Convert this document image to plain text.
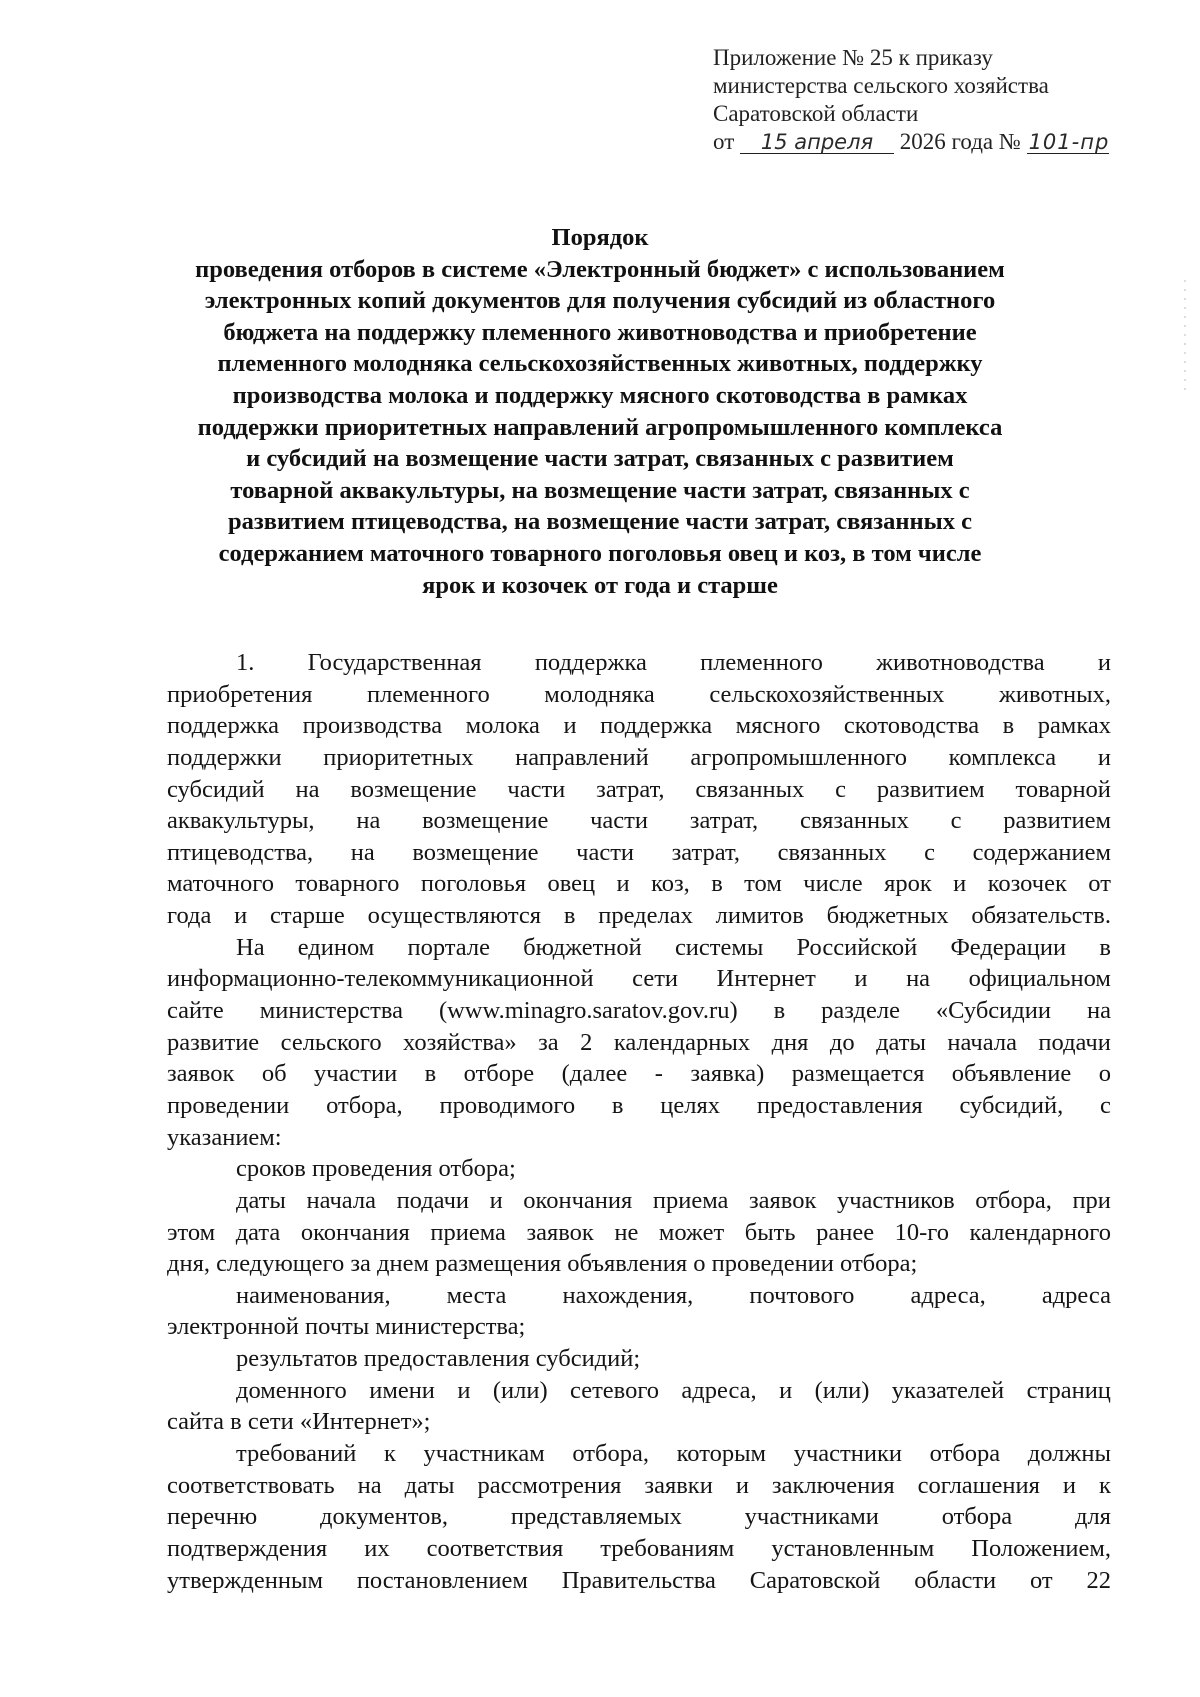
Приложение № 25 к приказу
министерства сельского хозяйства
Саратовской области
от 15 апреля 2026 года № 101-пр
Порядок
проведения отборов в системе «Электронный бюджет» с использованием
электронных копий документов для получения субсидий из областного
бюджета на поддержку племенного животноводства и приобретение
племенного молодняка сельскохозяйственных животных, поддержку
производства молока и поддержку мясного скотоводства в рамках
поддержки приоритетных направлений агропромышленного комплекса
и субсидий на возмещение части затрат, связанных с развитием
товарной аквакультуры, на возмещение части затрат, связанных с
развитием птицеводства, на возмещение части затрат, связанных с
содержанием маточного товарного поголовья овец и коз, в том числе
ярок и козочек от года и старше
1. Государственная поддержка племенного животноводства и
приобретения племенного молодняка сельскохозяйственных животных,
поддержка производства молока и поддержка мясного скотоводства в рамках
поддержки приоритетных направлений агропромышленного комплекса и
субсидий на возмещение части затрат, связанных с развитием товарной
аквакультуры, на возмещение части затрат, связанных с развитием
птицеводства, на возмещение части затрат, связанных с содержанием
маточного товарного поголовья овец и коз, в том числе ярок и козочек от
года и старше осуществляются в пределах лимитов бюджетных обязательств.
На едином портале бюджетной системы Российской Федерации в
информационно-телекоммуникационной сети Интернет и на официальном
сайте министерства (www.minagro.saratov.gov.ru) в разделе «Субсидии на
развитие сельского хозяйства» за 2 календарных дня до даты начала подачи
заявок об участии в отборе (далее - заявка) размещается объявление о
проведении отбора, проводимого в целях предоставления субсидий, с
указанием:
сроков проведения отбора;
даты начала подачи и окончания приема заявок участников отбора, при
этом дата окончания приема заявок не может быть ранее 10-го календарного
дня, следующего за днем размещения объявления о проведении отбора;
наименования, места нахождения, почтового адреса, адреса
электронной почты министерства;
результатов предоставления субсидий;
доменного имени и (или) сетевого адреса, и (или) указателей страниц
сайта в сети «Интернет»;
требований к участникам отбора, которым участники отбора должны
соответствовать на даты рассмотрения заявки и заключения соглашения и к
перечню	документов,	представляемых	участниками	отбора	для
подтверждения их соответствия требованиям установленным Положением,
утвержденным постановлением Правительства Саратовской области от 22
